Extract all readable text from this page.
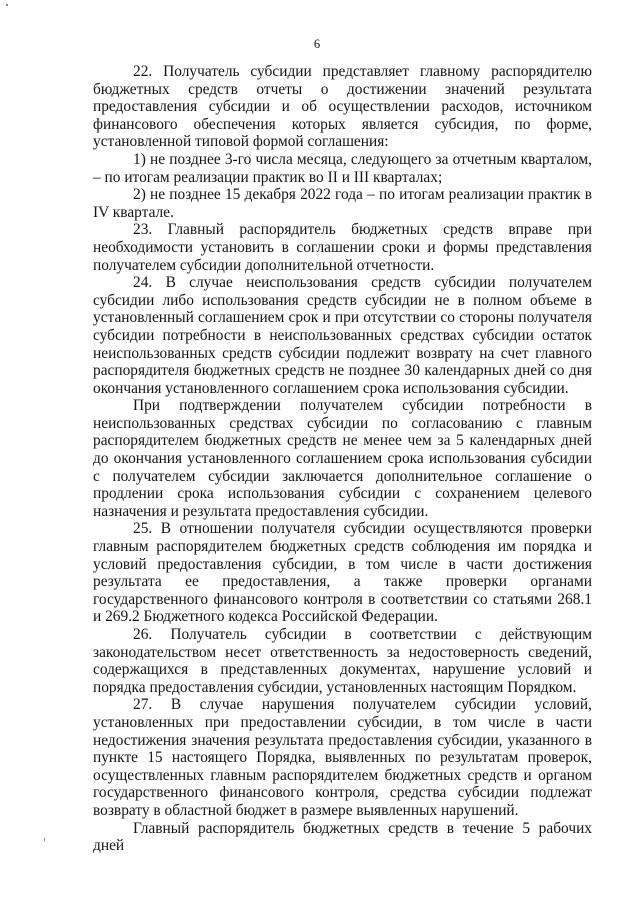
6

22. Получатель субсидии представляет главному распорядителю бюджетных средств отчеты о достижении значений результата предоставления субсидии и об осуществлении расходов, источником финансового обеспечения которых является субсидия, по форме, установленной типовой формой соглашения:

1) не позднее 3-го числа месяца, следующего за отчетным кварталом, – по итогам реализации практик во II и III кварталах;

2) не позднее 15 декабря 2022 года – по итогам реализации практик в IV квартале.

23. Главный распорядитель бюджетных средств вправе при необходимости установить в соглашении сроки и формы представления получателем субсидии дополнительной отчетности.

24. В случае неиспользования средств субсидии получателем субсидии либо использования средств субсидии не в полном объеме в установленный соглашением срок и при отсутствии со стороны получателя субсидии потребности в неиспользованных средствах субсидии остаток неиспользованных средств субсидии подлежит возврату на счет главного распорядителя бюджетных средств не позднее 30 календарных дней со дня окончания установленного соглашением срока использования субсидии.

При подтверждении получателем субсидии потребности в неиспользованных средствах субсидии по согласованию с главным распорядителем бюджетных средств не менее чем за 5 календарных дней до окончания установленного соглашением срока использования субсидии с получателем субсидии заключается дополнительное соглашение о продлении срока использования субсидии с сохранением целевого назначения и результата предоставления субсидии.

25. В отношении получателя субсидии осуществляются проверки главным распорядителем бюджетных средств соблюдения им порядка и условий предоставления субсидии, в том числе в части достижения результата ее предоставления, а также проверки органами государственного финансового контроля в соответствии со статьями 268.1 и 269.2 Бюджетного кодекса Российской Федерации.

26. Получатель субсидии в соответствии с действующим законодательством несет ответственность за недостоверность сведений, содержащихся в представленных документах, нарушение условий и порядка предоставления субсидии, установленных настоящим Порядком.

27. В случае нарушения получателем субсидии условий, установленных при предоставлении субсидии, в том числе в части недостижения значения результата предоставления субсидии, указанного в пункте 15 настоящего Порядка, выявленных по результатам проверок, осуществленных главным распорядителем бюджетных средств и органом государственного финансового контроля, средства субсидии подлежат возврату в областной бюджет в размере выявленных нарушений.

Главный распорядитель бюджетных средств в течение 5 рабочих дней
